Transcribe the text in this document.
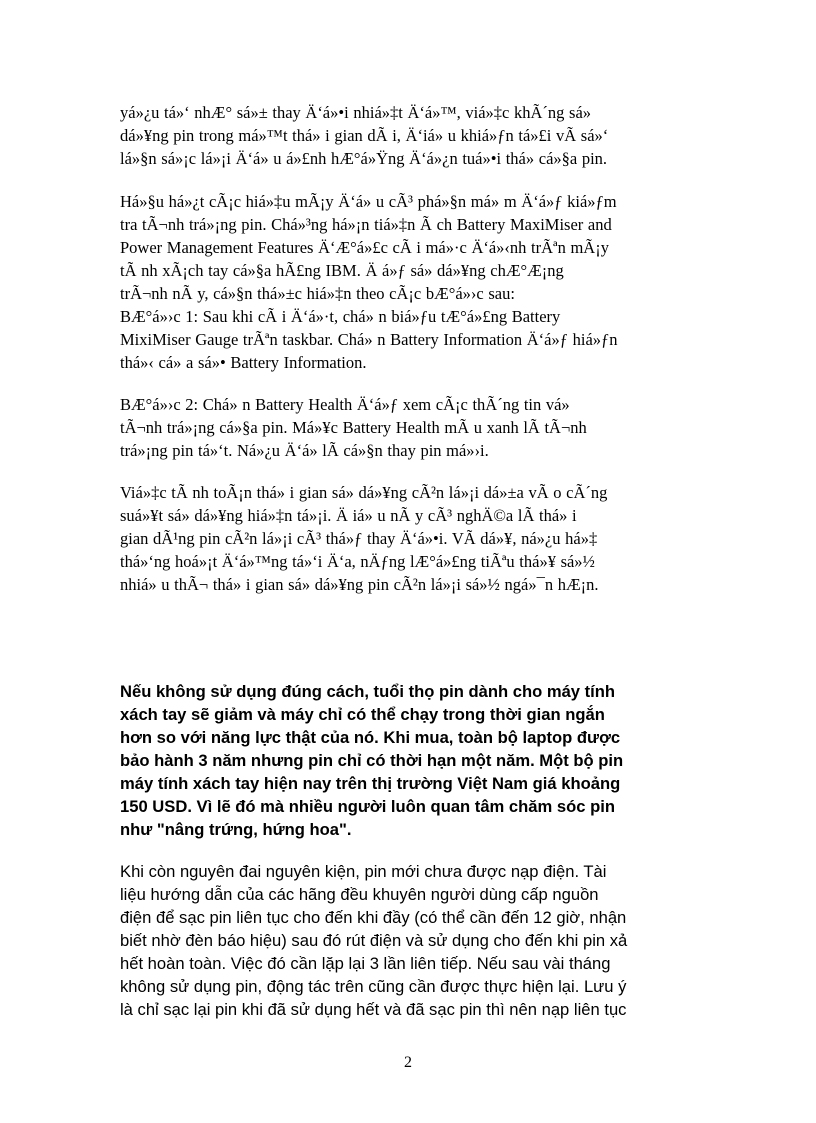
yá»¿u tá»‘ nhÆ° sá»± thay Ä‘á»•i nhiá»‡t Ä‘á»™, viá»‡c khÃ´ng sá»
dá»¥ng pin trong má»™t thá» i gian dÃ i, Ä‘iá» u khiá»ƒn tá»£i vÃ sá»‘
lá»§n sá»¡c lá»¡i Ä‘á» u á»£nh hÆ°á»Ÿng Ä‘á»¿n tuá»•i thá» cá»§a pin.
Há»§u há»¿t cÃ¡c hiá»‡u mÃ¡y Ä‘á» u cÃ³ phá»§n má» m Ä‘á»ƒ kiá»ƒm
tra tÃ¬nh trá»¡ng pin. Chá»³ng há»¡n tiá»‡n Ã ch Battery MaxiMiser and
Power Management Features Ä‘Æ°á»£c cÃ i má»·c Ä‘á»‹nh trÃªn mÃ¡y
tÃ nh xÃ¡ch tay cá»§a hÃ£ng IBM. Ä á»ƒ sá» dá»¥ng chÆ°Æ¡ng
trÃ¬nh nÃ y, cá»§n thá»±c hiá»‡n theo cÃ¡c bÆ°á»›c sau:
BÆ°á»›c 1: Sau khi cÃ i Ä‘á»·t, chá» n biá»ƒu tÆ°á»£ng Battery
MixiMiser Gauge trÃªn taskbar. Chá» n Battery Information Ä‘á»ƒ hiá»ƒn
thá»‹ cá» a sá»• Battery Information.
BÆ°á»›c 2: Chá» n Battery Health Ä‘á»ƒ xem cÃ¡c thÃ´ng tin vá»
tÃ¬nh trá»¡ng cá»§a pin. Má»¥c Battery Health mÃ u xanh lÃ tÃ¬nh
trá»¡ng pin tá»‘t. Ná»¿u Ä‘á» lÃ cá»§n thay pin má»›i.
Viá»‡c tÃ nh toÃ¡n thá» i gian sá» dá»¥ng cÃ²n lá»¡i dá»±a vÃ o cÃ´ng
suá»¥t sá» dá»¥ng hiá»‡n tá»¡i. Ä iá» u nÃ y cÃ³ nghÄ©a lÃ thá» i
gian dÃ¹ng pin cÃ²n lá»¡i cÃ³ thá»ƒ thay Ä‘á»•i. VÃ dá»¥, ná»¿u há»‡
thá»‘ng hoá»¡t Ä‘á»™ng tá»‘i Ä‘a, nÄƒng lÆ°á»£ng tiÃªu thá»¥ sá»½
nhiá» u thÃ¬ thá» i gian sá» dá»¥ng pin cÃ²n lá»¡i sá»½ ngá»¯n hÆ¡n.
Nếu không sử dụng đúng cách, tuổi thọ pin dành cho máy tính
xách tay sẽ giảm và máy chỉ có thể chạy trong thời gian ngắn
hơn so với năng lực thật của nó. Khi mua, toàn bộ laptop được
bảo hành 3 năm nhưng pin chỉ có thời hạn một năm. Một bộ pin
máy tính xách tay hiện nay trên thị trường Việt Nam giá khoảng
150 USD. Vì lẽ đó mà nhiều người luôn quan tâm chăm sóc pin
như "nâng trứng, hứng hoa".
Khi còn nguyên đai nguyên kiện, pin mới chưa được nạp điện. Tài
liệu hướng dẫn của các hãng đều khuyên người dùng cấp nguồn
điện để sạc pin liên tục cho đến khi đầy (có thể cần đến 12 giờ, nhận
biết nhờ đèn báo hiệu) sau đó rút điện và sử dụng cho đến khi pin xả
hết hoàn toàn. Việc đó cần lặp lại 3 lần liên tiếp. Nếu sau vài tháng
không sử dụng pin, động tác trên cũng cần được thực hiện lại. Lưu ý
là chỉ sạc lại pin khi đã sử dụng hết và đã sạc pin thì nên nạp liên tục
2
